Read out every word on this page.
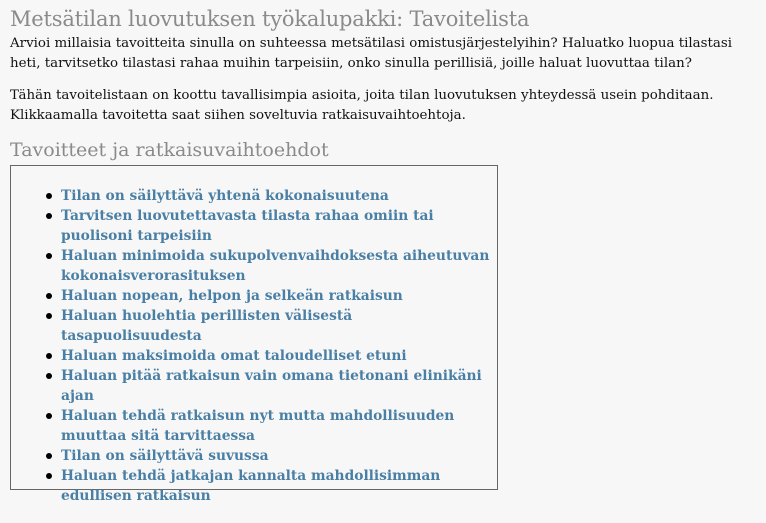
Metsätilan luovutuksen työkalupakki: Tavoitelista

Arvioi millaisia tavoitteita sinulla on suhteessa metsätilasi omistusjärjestelyihin? Haluatko luopua tilastasi heti, tarvitsetko tilastasi rahaa muihin tarpeisiin, onko sinulla perillisiä, joille haluat luovuttaa tilan?

Tähän tavoitelistaan on koottu tavallisimpia asioita, joita tilan luovutuksen yhteydessä usein pohditaan. Klikkaamalla tavoitetta saat siihen soveltuvia ratkaisuvaihtoehtoja.

Tavoitteet ja ratkaisuvaihtoehdot
Tilan on säilyttävä yhtenä kokonaisuutena
Tarvitsen luovutettavasta tilasta rahaa omiin tai puolisoni tarpeisiin
Haluan minimoida sukupolvenvaihdoksesta aiheutuvan kokonaisverorasituksen
Haluan nopean, helpon ja selkeän ratkaisun
Haluan huolehtia perillisten välisestä tasapuolisuudesta
Haluan maksimoida omat taloudelliset etuni
Haluan pitää ratkaisun vain omana tietonani elinikäni ajan
Haluan tehdä ratkaisun nyt mutta mahdollisuuden muuttaa sitä tarvittaessa
Tilan on säilyttävä suvussa
Haluan tehdä jatkajan kannalta mahdollisimman edullisen ratkaisun
